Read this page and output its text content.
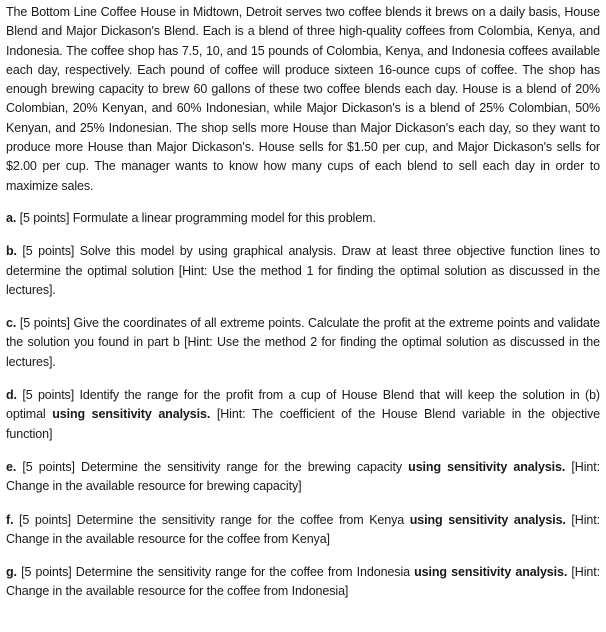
The Bottom Line Coffee House in Midtown, Detroit serves two coffee blends it brews on a daily basis, House Blend and Major Dickason's Blend. Each is a blend of three high-quality coffees from Colombia, Kenya, and Indonesia. The coffee shop has 7.5, 10, and 15 pounds of Colombia, Kenya, and Indonesia coffees available each day, respectively. Each pound of coffee will produce sixteen 16-ounce cups of coffee. The shop has enough brewing capacity to brew 60 gallons of these two coffee blends each day. House is a blend of 20% Colombian, 20% Kenyan, and 60% Indonesian, while Major Dickason's is a blend of 25% Colombian, 50% Kenyan, and 25% Indonesian. The shop sells more House than Major Dickason's each day, so they want to produce more House than Major Dickason's. House sells for $1.50 per cup, and Major Dickason's sells for $2.00 per cup. The manager wants to know how many cups of each blend to sell each day in order to maximize sales.

a. [5 points] Formulate a linear programming model for this problem.

b. [5 points] Solve this model by using graphical analysis. Draw at least three objective function lines to determine the optimal solution [Hint: Use the method 1 for finding the optimal solution as discussed in the lectures].

c. [5 points] Give the coordinates of all extreme points. Calculate the profit at the extreme points and validate the solution you found in part b [Hint: Use the method 2 for finding the optimal solution as discussed in the lectures].

d. [5 points] Identify the range for the profit from a cup of House Blend that will keep the solution in (b) optimal using sensitivity analysis. [Hint: The coefficient of the House Blend variable in the objective function]

e. [5 points] Determine the sensitivity range for the brewing capacity using sensitivity analysis. [Hint: Change in the available resource for brewing capacity]

f. [5 points] Determine the sensitivity range for the coffee from Kenya using sensitivity analysis. [Hint: Change in the available resource for the coffee from Kenya]

g. [5 points] Determine the sensitivity range for the coffee from Indonesia using sensitivity analysis. [Hint: Change in the available resource for the coffee from Indonesia]
